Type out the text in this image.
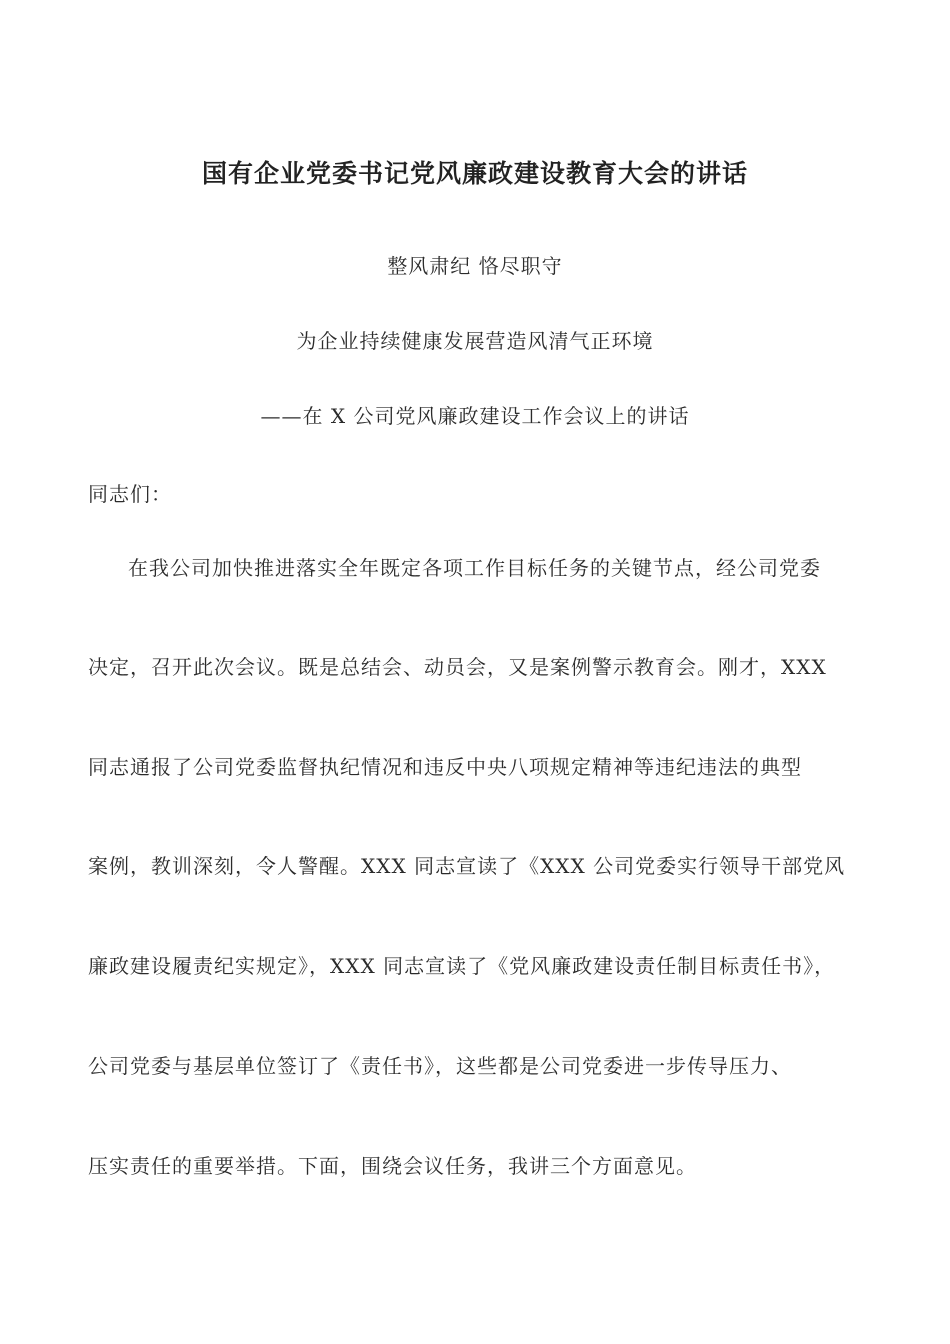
国有企业党委书记党风廉政建设教育大会的讲话
整风肃纪 恪尽职守
为企业持续健康发展营造风清气正环境
——在 X 公司党风廉政建设工作会议上的讲话
同志们：
在我公司加快推进落实全年既定各项工作目标任务的关键节点，经公司党委
决定，召开此次会议。既是总结会、动员会，又是案例警示教育会。刚才，XXX
同志通报了公司党委监督执纪情况和违反中央八项规定精神等违纪违法的典型
案例，教训深刻，令人警醒。XXX 同志宣读了《XXX 公司党委实行领导干部党风
廉政建设履责纪实规定》，XXX 同志宣读了《党风廉政建设责任制目标责任书》，
公司党委与基层单位签订了《责任书》，这些都是公司党委进一步传导压力、
压实责任的重要举措。下面，围绕会议任务，我讲三个方面意见。
